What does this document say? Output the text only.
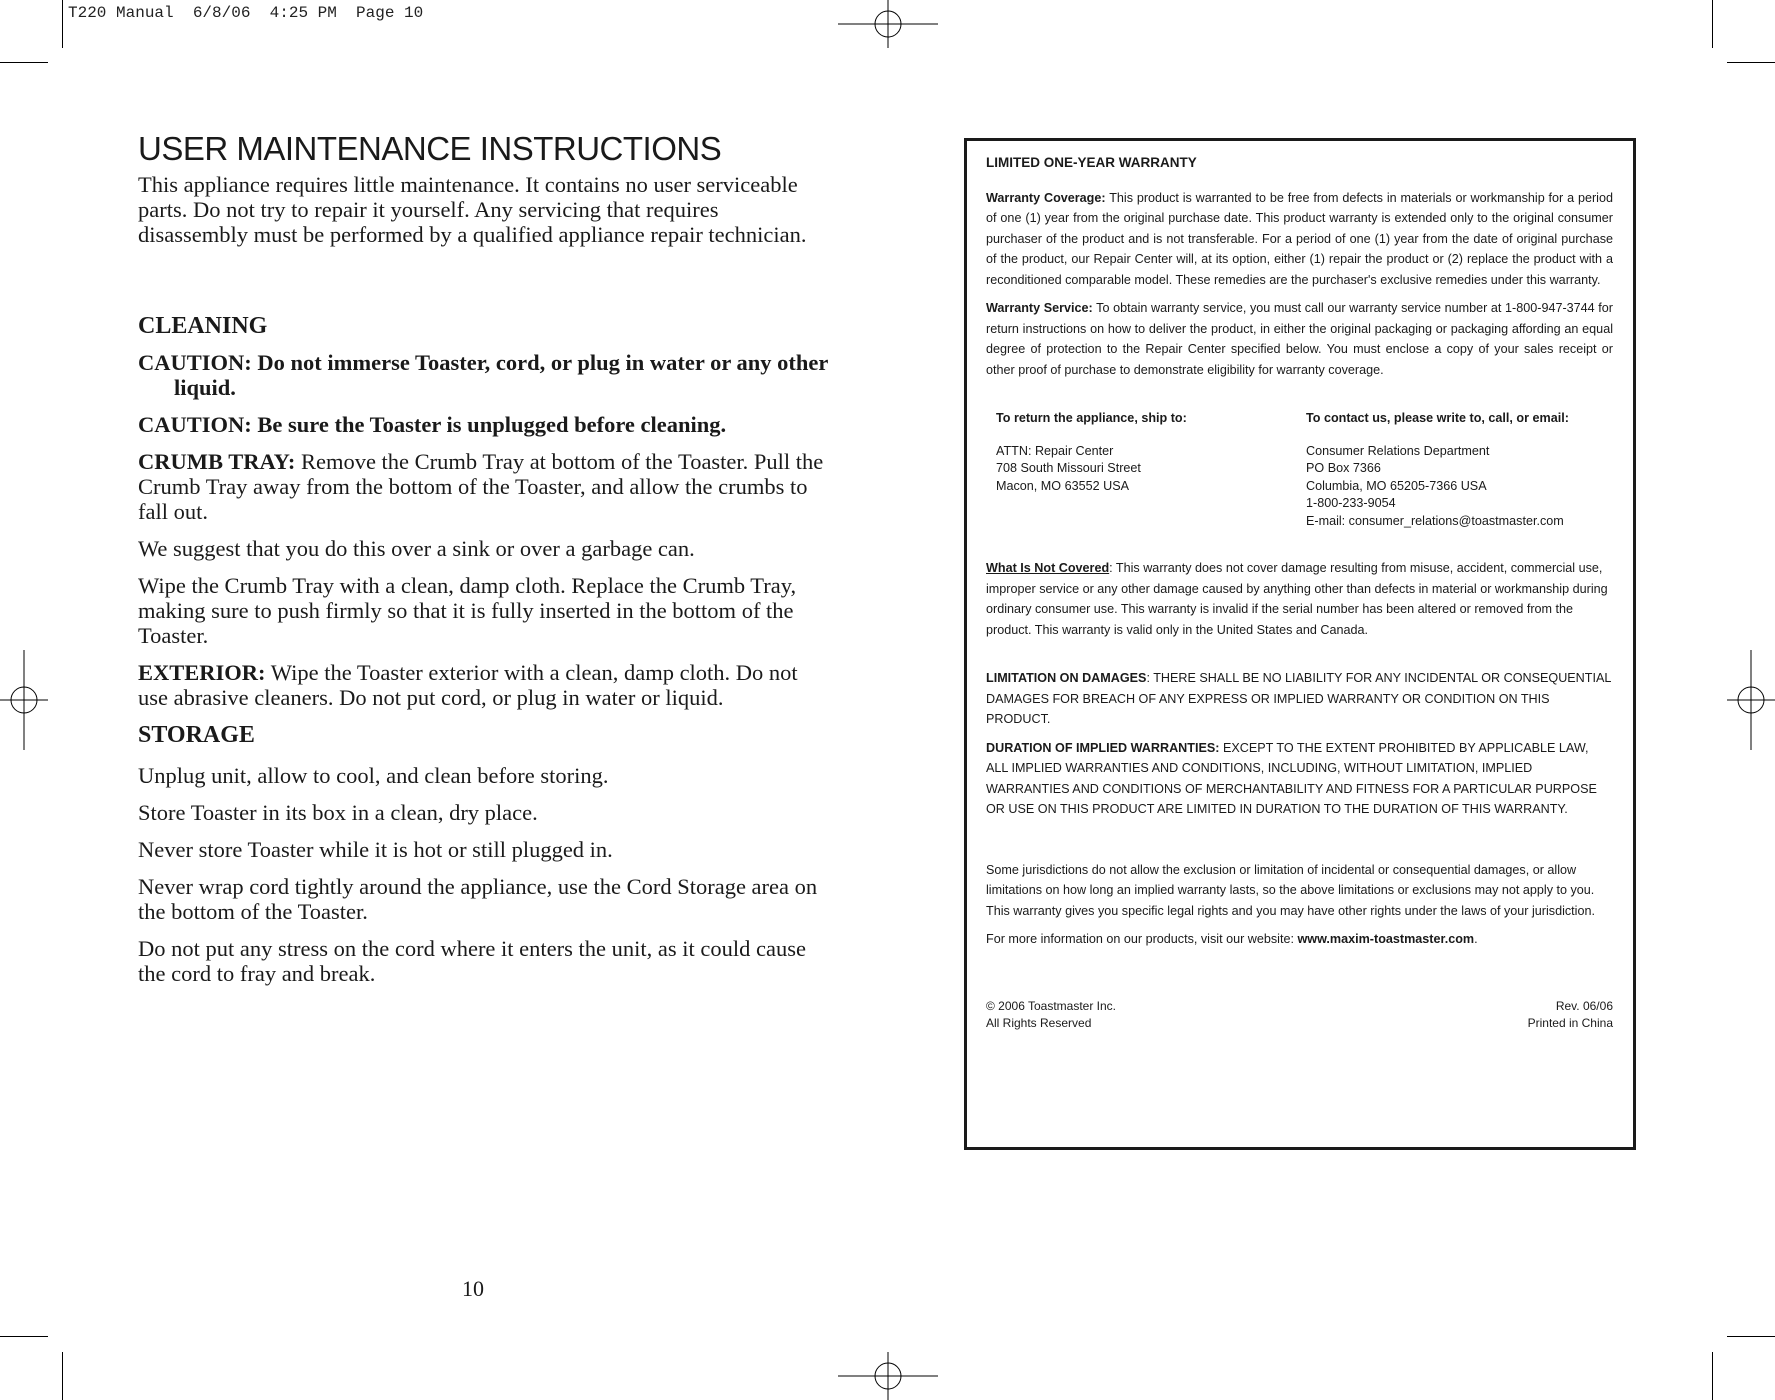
T220 Manual  6/8/06  4:25 PM  Page 10
USER MAINTENANCE INSTRUCTIONS

This appliance requires little maintenance. It contains no user serviceable parts. Do not try to repair it yourself. Any servicing that requires disassembly must be performed by a qualified appliance repair technician.

CLEANING

CAUTION: Do not immerse Toaster, cord, or plug in water or any other liquid.

CAUTION: Be sure the Toaster is unplugged before cleaning.

CRUMB TRAY: Remove the Crumb Tray at bottom of the Toaster. Pull the Crumb Tray away from the bottom of the Toaster, and allow the crumbs to fall out.

We suggest that you do this over a sink or over a garbage can.

Wipe the Crumb Tray with a clean, damp cloth. Replace the Crumb Tray, making sure to push firmly so that it is fully inserted in the bottom of the Toaster.

EXTERIOR: Wipe the Toaster exterior with a clean, damp cloth. Do not use abrasive cleaners. Do not put cord, or plug in water or liquid.

STORAGE

Unplug unit, allow to cool, and clean before storing.

Store Toaster in its box in a clean, dry place.

Never store Toaster while it is hot or still plugged in.

Never wrap cord tightly around the appliance, use the Cord Storage area on the bottom of the Toaster.

Do not put any stress on the cord where it enters the unit, as it could cause the cord to fray and break.

10
LIMITED ONE-YEAR WARRANTY

Warranty Coverage: This product is warranted to be free from defects in materials or workmanship for a period of one (1) year from the original purchase date. This product warranty is extended only to the original consumer purchaser of the product and is not transferable. For a period of one (1) year from the date of original purchase of the product, our Repair Center will, at its option, either (1) repair the product or (2) replace the product with a reconditioned comparable model. These remedies are the purchaser's exclusive remedies under this warranty.

Warranty Service: To obtain warranty service, you must call our warranty service number at 1-800-947-3744 for return instructions on how to deliver the product, in either the original packaging or packaging affording an equal degree of protection to the Repair Center specified below. You must enclose a copy of your sales receipt or other proof of purchase to demonstrate eligibility for warranty coverage.

To return the appliance, ship to:
ATTN: Repair Center
708 South Missouri Street
Macon, MO 63552 USA
To contact us, please write to, call, or email:
Consumer Relations Department
PO Box 7366
Columbia, MO 65205-7366 USA
1-800-233-9054
E-mail: consumer_relations@toastmaster.com

What Is Not Covered: This warranty does not cover damage resulting from misuse, accident, commercial use, improper service or any other damage caused by anything other than defects in material or workmanship during ordinary consumer use. This warranty is invalid if the serial number has been altered or removed from the product. This warranty is valid only in the United States and Canada.

LIMITATION ON DAMAGES: THERE SHALL BE NO LIABILITY FOR ANY INCIDENTAL OR CONSEQUENTIAL DAMAGES FOR BREACH OF ANY EXPRESS OR IMPLIED WARRANTY OR CONDITION ON THIS PRODUCT.

DURATION OF IMPLIED WARRANTIES: EXCEPT TO THE EXTENT PROHIBITED BY APPLICABLE LAW, ALL IMPLIED WARRANTIES AND CONDITIONS, INCLUDING, WITHOUT LIMITATION, IMPLIED WARRANTIES AND CONDITIONS OF MERCHANTABILITY AND FITNESS FOR A PARTICULAR PURPOSE OR USE ON THIS PRODUCT ARE LIMITED IN DURATION TO THE DURATION OF THIS WARRANTY.

Some jurisdictions do not allow the exclusion or limitation of incidental or consequential damages, or allow limitations on how long an implied warranty lasts, so the above limitations or exclusions may not apply to you. This warranty gives you specific legal rights and you may have other rights under the laws of your jurisdiction.

For more information on our products, visit our website: www.maxim-toastmaster.com.

© 2006 Toastmaster Inc.
All Rights Reserved
Rev. 06/06
Printed in China
